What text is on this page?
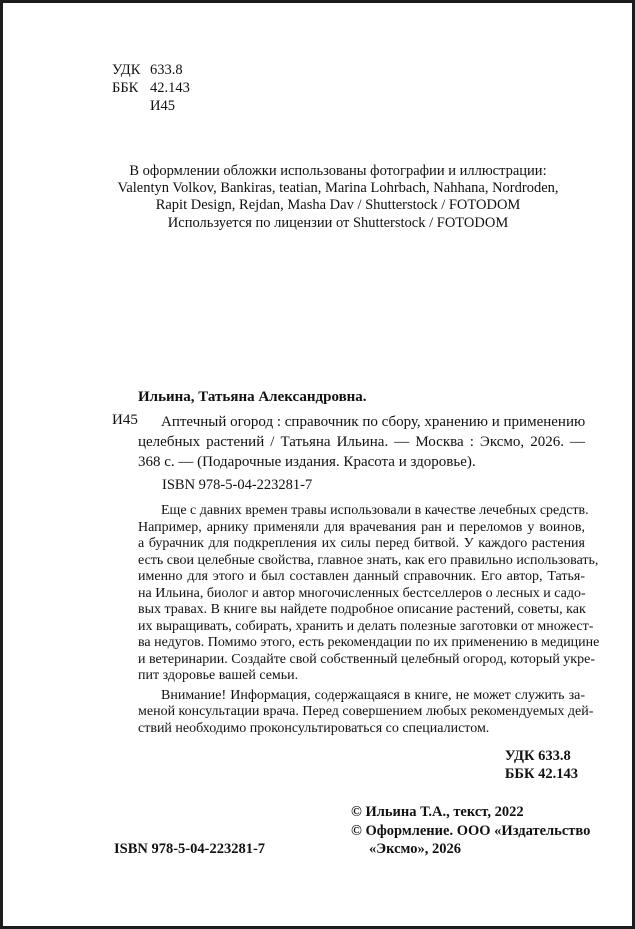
УДК 633.8
ББК 42.143
И45
В оформлении обложки использованы фотографии и иллюстрации:
Valentyn Volkov, Bankiras, teatian, Marina Lohrbach, Nahhana, Nordroden,
Rapit Design, Rejdan, Masha Dav / Shutterstock / FOTODOM
Используется по лицензии от Shutterstock / FOTODOM
Ильина, Татьяна Александровна.
И45	Аптечный огород : справочник по сбору, хранению и применению
целебных растений / Татьяна Ильина. — Москва : Эксмо, 2026. —
368 с. — (Подарочные издания. Красота и здоровье).
ISBN 978-5-04-223281-7
Еще с давних времен травы использовали в качестве лечебных средств.
Например, арнику применяли для врачевания ран и переломов у воинов,
а бурачник для подкрепления их силы перед битвой. У каждого растения
есть свои целебные свойства, главное знать, как его правильно использовать,
именно для этого и был составлен данный справочник. Его автор, Татья-
на Ильина, биолог и автор многочисленных бестселлеров о лесных и садо-
вых травах. В книге вы найдете подробное описание растений, советы, как
их выращивать, собирать, хранить и делать полезные заготовки от множест-
ва недугов. Помимо этого, есть рекомендации по их применению в медицине
и ветеринарии. Создайте свой собственный целебный огород, который укре-
пит здоровье вашей семьи.
Внимание! Информация, содержащаяся в книге, не может служить за-
меной консультации врача. Перед совершением любых рекомендуемых дей-
ствий необходимо проконсультироваться со специалистом.
УДК 633.8
ББК 42.143
© Ильина Т.А., текст, 2022
© Оформление. ООО «Издательство
«Эксмо», 2026
ISBN 978-5-04-223281-7
